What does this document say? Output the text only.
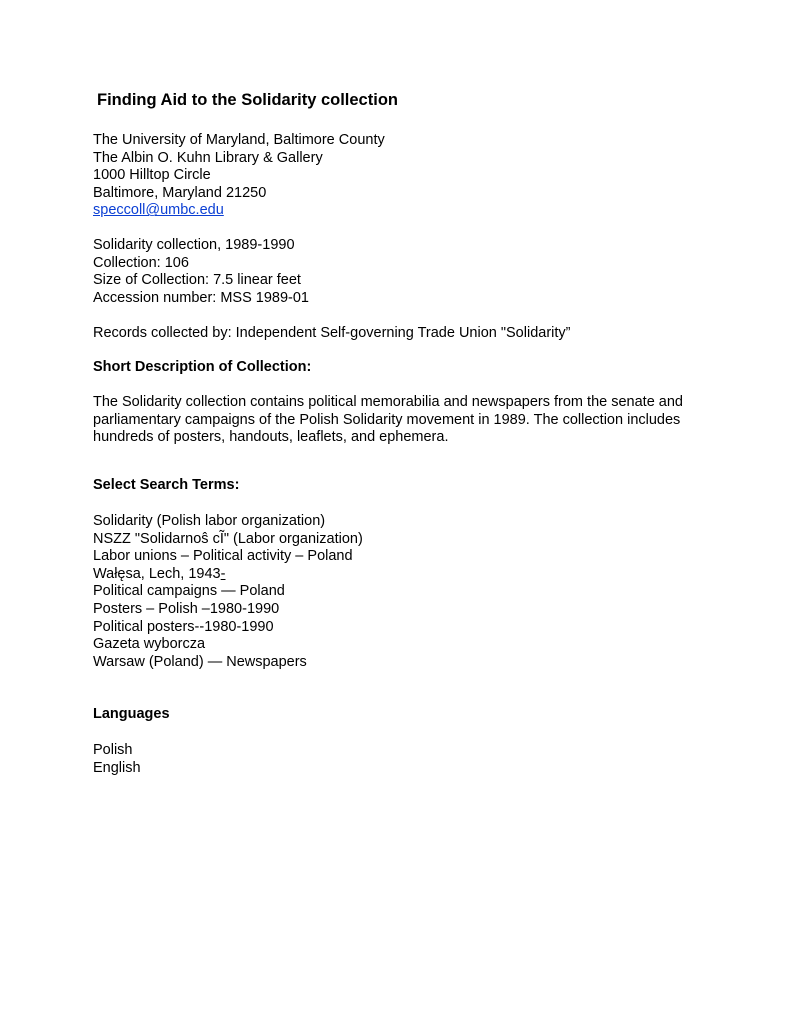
Finding Aid to the Solidarity collection
The University of Maryland, Baltimore County
The Albin O. Kuhn Library & Gallery
1000 Hilltop Circle
Baltimore, Maryland 21250
speccoll@umbc.edu
Solidarity collection, 1989-1990
Collection: 106
Size of Collection: 7.5 linear feet
Accession number: MSS 1989-01
Records collected by: Independent Self-governing Trade Union "Solidarity”
Short Description of Collection:
The Solidarity collection contains political memorabilia and newspapers from the senate and parliamentary campaigns of the Polish Solidarity movement in 1989. The collection includes hundreds of posters, handouts, leaflets, and ephemera.
Select Search Terms:
Solidarity (Polish labor organization)
NSZZ "Solidarnoŝ cĨ" (Labor organization)
Labor unions – Political activity – Poland
Wałęsa, Lech, 1943-
Political campaigns — Poland
Posters – Polish –1980-1990
Political posters--1980-1990
Gazeta wyborcza
Warsaw (Poland) — Newspapers
Languages
Polish
English
